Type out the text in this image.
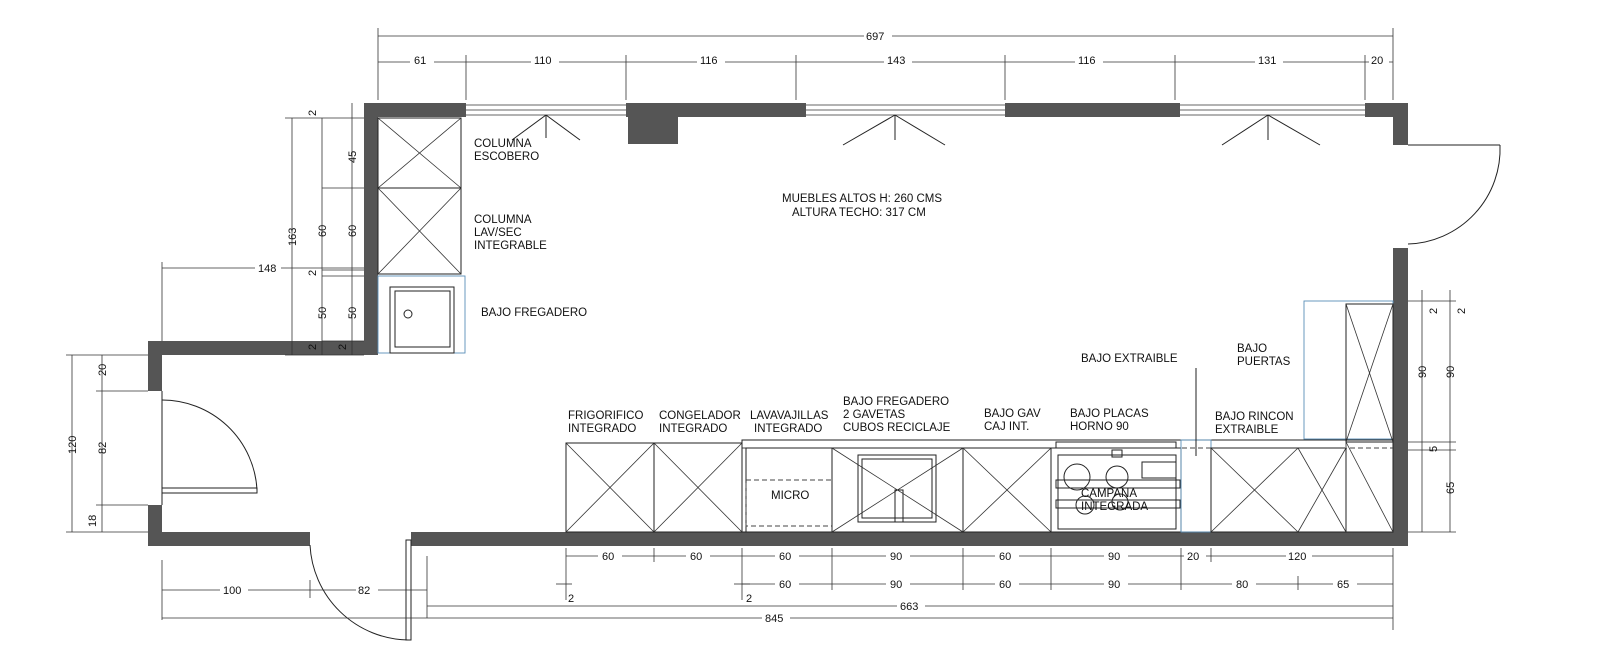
MUEBLES ALTOS H: 260 CMS
ALTURA TECHO: 317 CM
COLUMNA
ESCOBERO
COLUMNA
LAV/SEC
INTEGRABLE
BAJO FREGADERO
BAJO EXTRAIBLE
BAJO
PUERTAS
FRIGORIFICO
INTEGRADO
CONGELADOR
INTEGRADO
LAVAVAJILLAS
INTEGRADO
BAJO FREGADERO
2 GAVETAS
CUBOS RECICLAJE
BAJO GAV
CAJ INT.
BAJO PLACAS
HORNO 90
BAJO RINCON
EXTRAIBLE
MICRO	CAMPANA
INTEGRADA
697
61	110	116	143	116	131	20
2
45
60
60
2
50
50
2 2
163
148
20
82
18
120
2 2
90 90
5
65
60	60	60	90	60	90	20	120
60	90	60	90	80	65
2	2
100	82
663
845
